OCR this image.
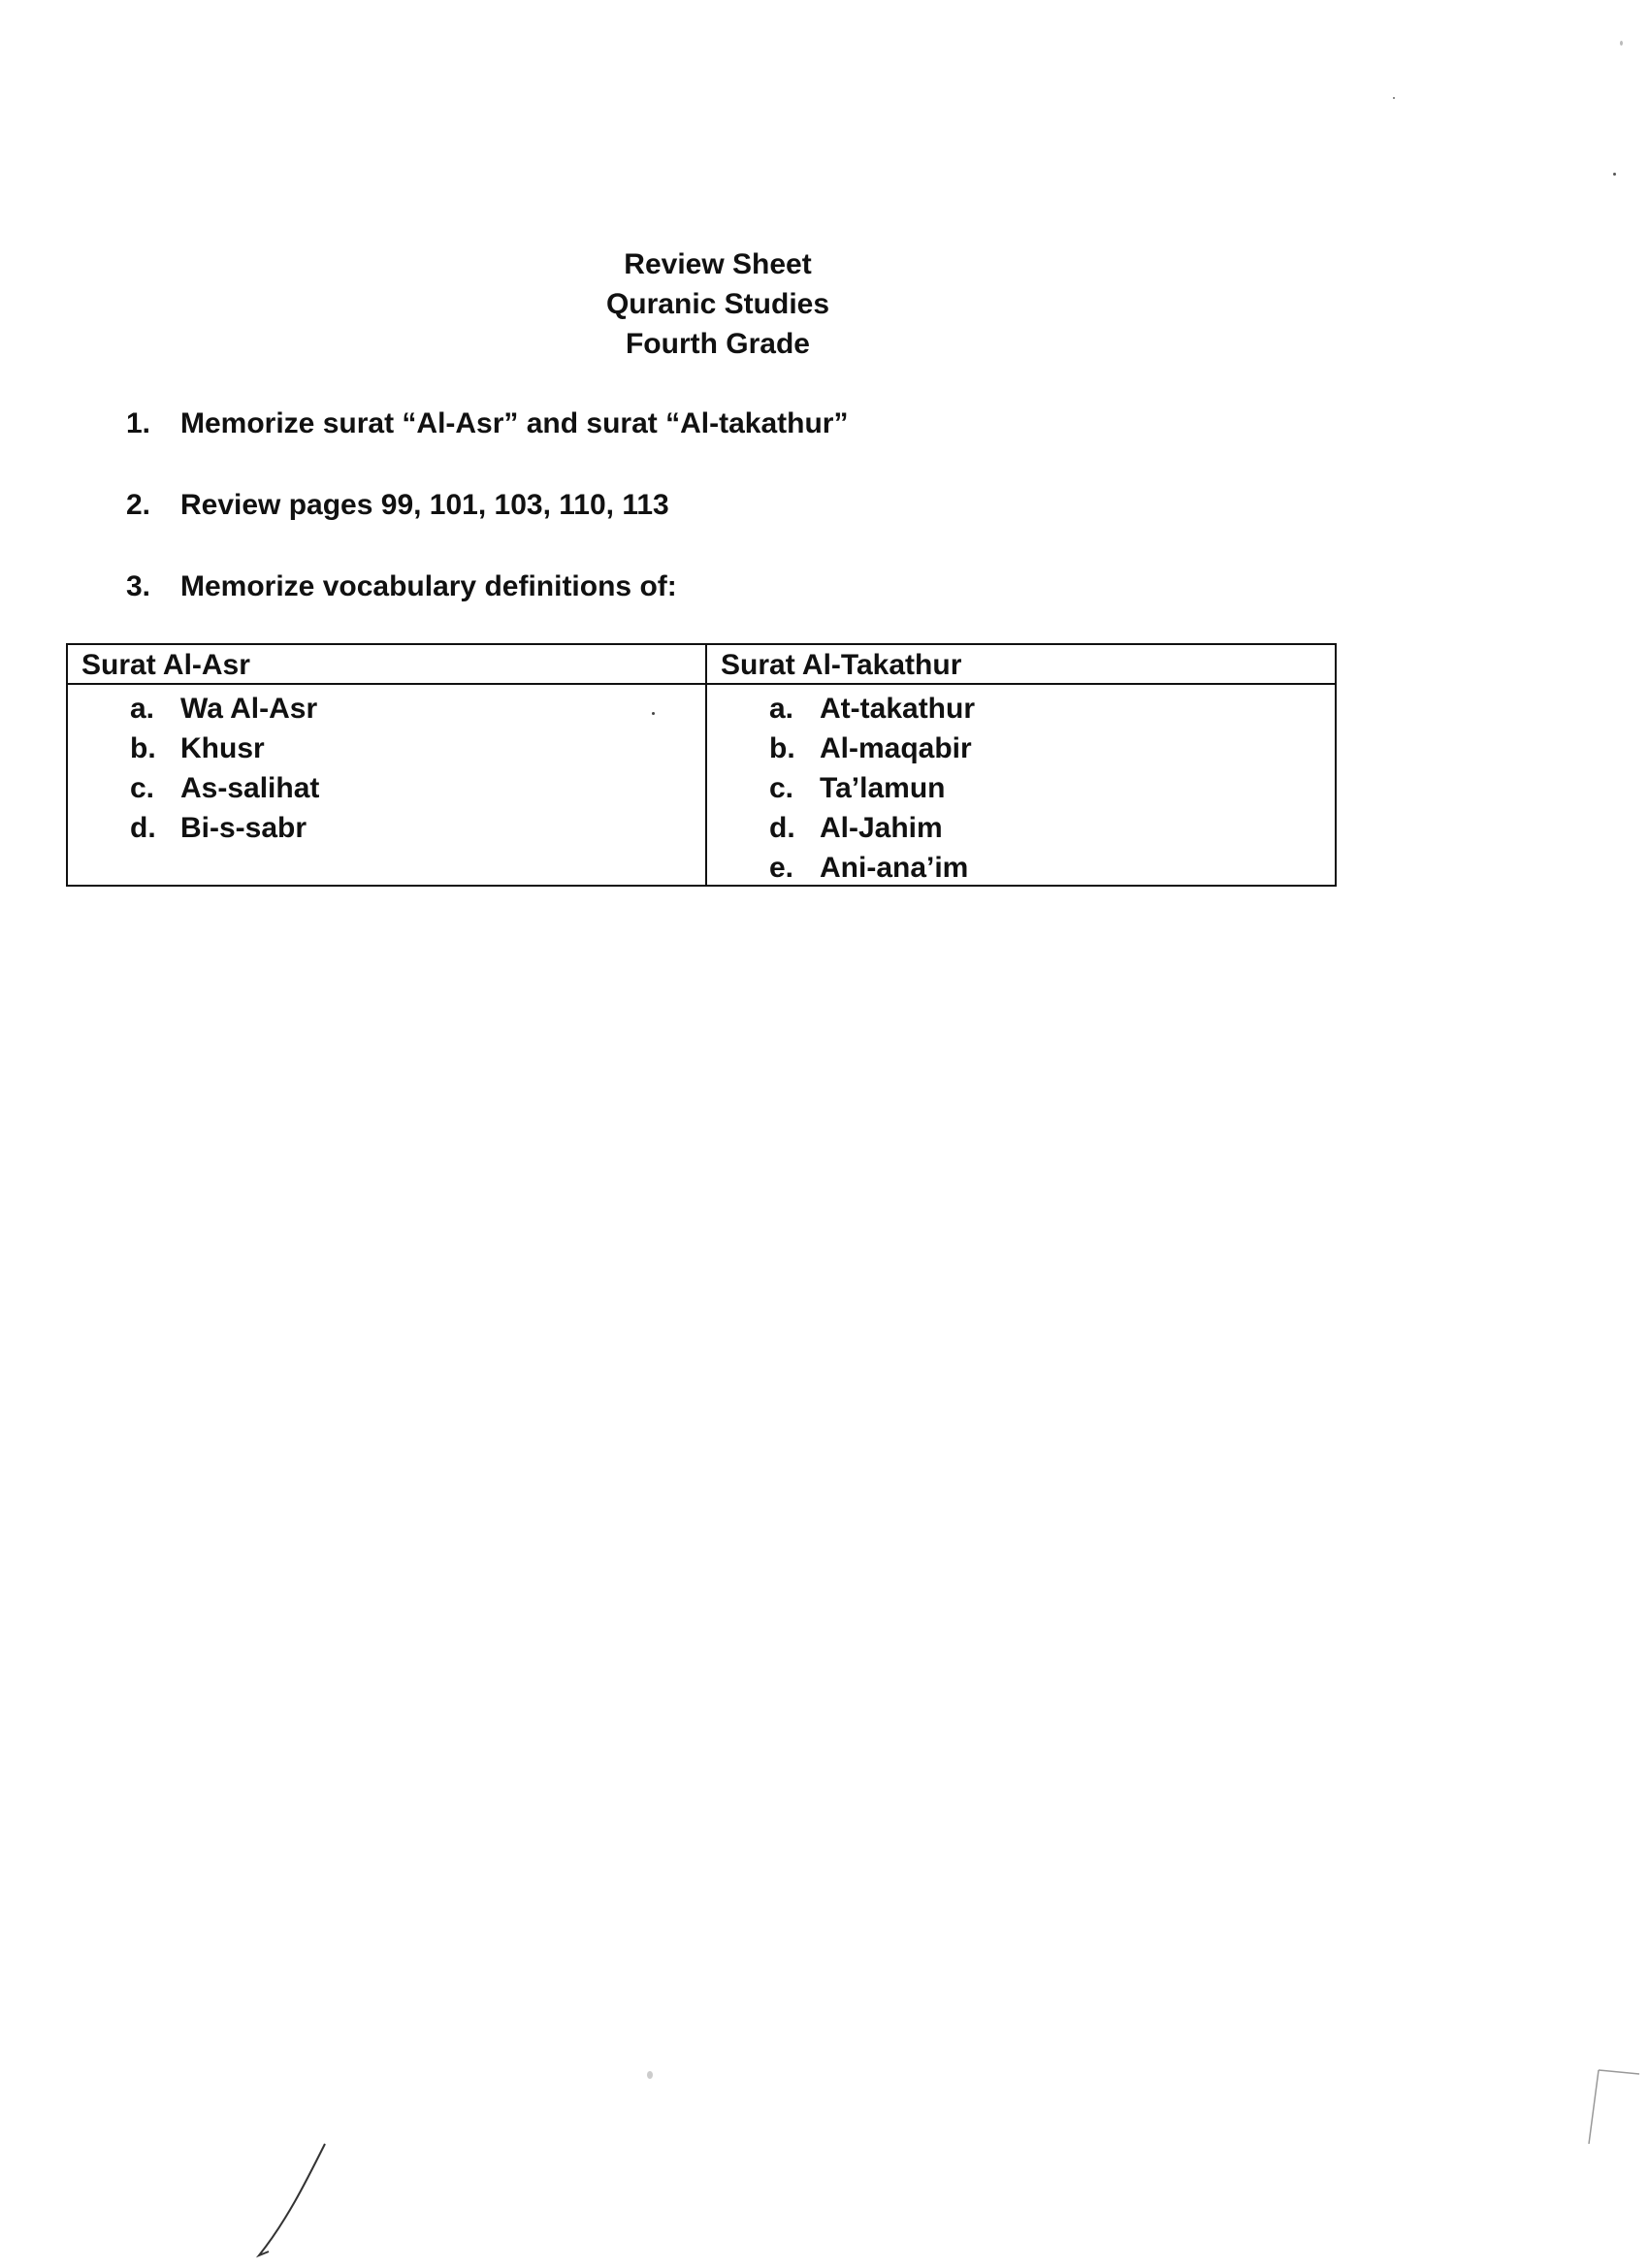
Review Sheet
Quranic Studies
Fourth Grade
1.	Memorize surat “Al-Asr” and surat “Al-takathur”
2.	Review pages 99, 101, 103, 110, 113
3.	Memorize vocabulary definitions of:
Surat Al-Asr
a. Wa Al-Asr
b. Khusr
c. As-salihat
d. Bi-s-sabr
Surat Al-Takathur
a. At-takathur
b. Al-maqabir
c. Ta’lamun
d. Al-Jahim
e. Ani-ana’im
